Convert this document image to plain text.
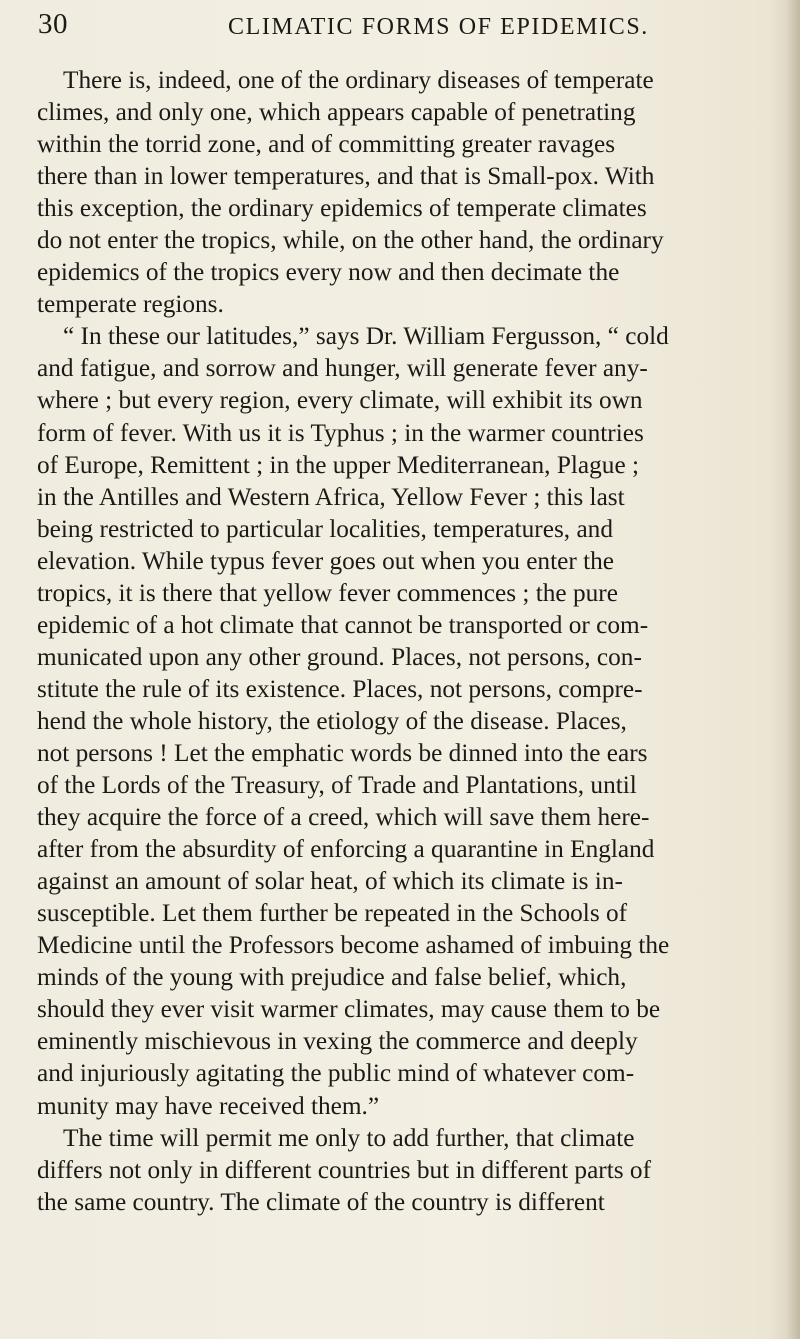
30	CLIMATIC FORMS OF EPIDEMICS.
There is, indeed, one of the ordinary diseases of temperate
climes, and only one, which appears capable of penetrating
within the torrid zone, and of committing greater ravages
there than in lower temperatures, and that is Small-pox. With
this exception, the ordinary epidemics of temperate climates
do not enter the tropics, while, on the other hand, the ordinary
epidemics of the tropics every now and then decimate the
temperate regions.
“ In these our latitudes,” says Dr. William Fergusson, “ cold
and fatigue, and sorrow and hunger, will generate fever any-
where ; but every region, every climate, will exhibit its own
form of fever. With us it is Typhus ; in the warmer countries
of Europe, Remittent ; in the upper Mediterranean, Plague ;
in the Antilles and Western Africa, Yellow Fever ; this last
being restricted to particular localities, temperatures, and
elevation. While typus fever goes out when you enter the
tropics, it is there that yellow fever commences ; the pure
epidemic of a hot climate that cannot be transported or com-
municated upon any other ground. Places, not persons, con-
stitute the rule of its existence. Places, not persons, compre-
hend the whole history, the etiology of the disease. Places,
not persons ! Let the emphatic words be dinned into the ears
of the Lords of the Treasury, of Trade and Plantations, until
they acquire the force of a creed, which will save them here-
after from the absurdity of enforcing a quarantine in England
against an amount of solar heat, of which its climate is in-
susceptible. Let them further be repeated in the Schools of
Medicine until the Professors become ashamed of imbuing the
minds of the young with prejudice and false belief, which,
should they ever visit warmer climates, may cause them to be
eminently mischievous in vexing the commerce and deeply
and injuriously agitating the public mind of whatever com-
munity may have received them.”
The time will permit me only to add further, that climate
differs not only in different countries but in different parts of
the same country. The climate of the country is different
